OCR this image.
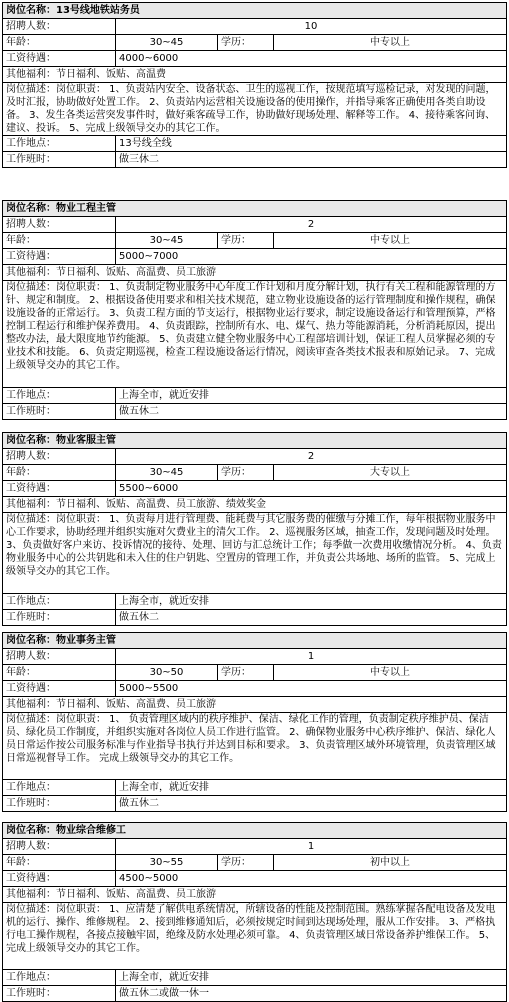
岗位名称：13号线地铁站务员			
招聘人数：	10		
年龄：	30~45	学历：	中专以上
工资待遇：	4000~6000		
其他福利：节日福利、饭贴、高温费			
岗位描述：岗位职责： 1、负责站内安全、设备状态、卫生的巡视工作，按规范填写巡检记录，对发现的问题，及时汇报，协助做好处置工作。 2、负责站内运营相关设施设备的使用操作，并指导乘客正确使用各类自助设备。 3、发生各类运营突发事件时，做好乘客疏导工作，协助做好现场处理、解释等工作。 4、接待乘客问询、建议、投诉。 5、完成上级领导交办的其它工作。			
工作地点：	13号线全线		
工作班时：	做三休二		
岗位名称：物业工程主管			
招聘人数：	2		
年龄：	30~45	学历：	中专以上
工资待遇：	5000~7000		
其他福利：节日福利、饭贴、高温费、员工旅游			
岗位描述：岗位职责： 1、负责制定物业服务中心年度工作计划和月度分解计划，执行有关工程和能源管理的方针、规定和制度。 2、根据设备使用要求和相关技术规范，建立物业设施设备的运行管理制度和操作规程，确保设施设备的正常运行。 3、负责工程方面的节支运行，根据物业运行要求，制定设施设备运行和管理预算，严格控制工程运行和维护保养费用。 4、负责跟踪，控制所有水、电、煤气、热力等能源消耗，分析消耗原因，提出整改办法，最大限度地节约能源。 5、负责建立健全物业服务中心工程部培训计划，保证工程人员掌握必须的专业技术和技能。 6、负责定期巡视，检查工程设施设备运行情况，阅读审查各类技术报表和原始记录。 7、完成上级领导交办的其它工作。			
工作地点：	上海全市，就近安排		
工作班时：	做五休二		
岗位名称：物业客服主管			
招聘人数：	2		
年龄：	30~45	学历：	大专以上
工资待遇：	5500~6000		
其他福利：节日福利、饭贴、高温费、员工旅游、绩效奖金			
岗位描述：岗位职责： 1、负责每月进行管理费、能耗费与其它服务费的催缴与分摊工作，每年根据物业服务中心工作要求，协助经理并组织实施对欠费业主的清欠工作。 2、巡视服务区域，抽查工作，发现问题及时处理。 3、负责做好客户来访、投诉情况的接待、处理、回访与汇总统计工作；每季做一次费用收缴情况分析。 4、负责物业服务中心的公共钥匙和未入住的住户钥匙、空置房的管理工作，并负责公共场地、场所的监管。 5、完成上级领导交办的其它工作。			
工作地点：	上海全市，就近安排		
工作班时：	做五休二		
岗位名称：物业事务主管			
招聘人数：	1		
年龄：	30~50	学历：	中专以上
工资待遇：	5000~5500		
其他福利：节日福利、饭贴、高温费、员工旅游			
岗位描述：岗位职责： 1、 负责管理区域内的秩序维护、保洁、绿化工作的管理，负责制定秩序维护员、保洁员、绿化员工作制度，并组织实施对各岗位人员工作进行监管。 2、确保物业服务中心秩序维护、保洁、绿化人员日常运作按公司服务标准与作业指导书执行并达到目标和要求。 3、负责管理区域外环境管理，负责管理区域日常巡视督导工作。 完成上级领导交办的其它工作。			
工作地点：	上海全市，就近安排		
工作班时：	做五休二		
岗位名称：物业综合维修工			
招聘人数：	1		
年龄：	30~55	学历：	初中以上
工资待遇：	4500~5000		
其他福利：节日福利、饭贴、高温费、员工旅游			
岗位描述：岗位职责： 1、应清楚了解供电系统情况，所辖设备的性能及控制范围。熟练掌握各配电设备及发电机的运行、操作、维修规程。 2、接到维修通知后，必须按规定时间到达现场处理，服从工作安排。 3、严格执行电工操作规程，各接点接触牢固，绝缘及防水处理必须可靠。 4、负责管理区域日常设备养护维保工作。 5、完成上级领导交办的其它工作。			
工作地点：	上海全市，就近安排		
工作班时：	做五休二或做一休一		
